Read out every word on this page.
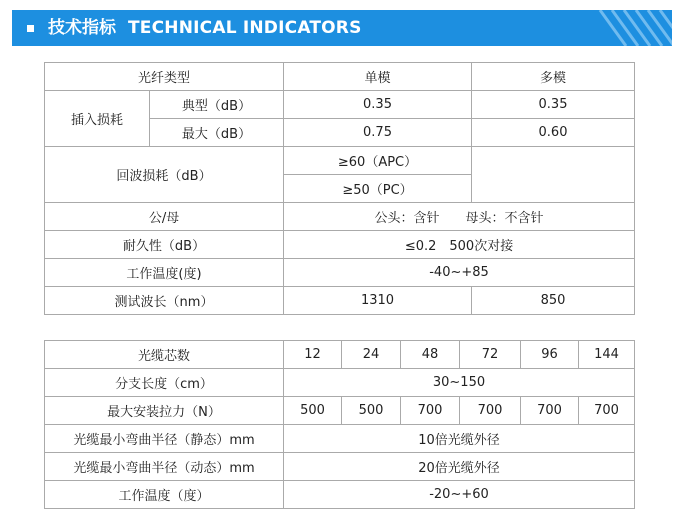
技术指标 TECHNICAL INDICATORS
光纤类型		单模	多模
插入损耗	典型（dB）	0.35	0.35
	最大（dB）	0.75	0.60
回波损耗（dB）		≥60（APC）	
		≥50（PC）	
公/母		公头：含针　　母头：不含针	
耐久性（dB）		≤0.2　500次对接	
工作温度(度)		-40~+85	
测试波长（nm）		1310	850
光缆芯数	12	24	48	72	96	144
分支长度（cm）	30~150					
最大安装拉力（N）	500	500	700	700	700	700
光缆最小弯曲半径（静态）mm	10倍光缆外径					
光缆最小弯曲半径（动态）mm	20倍光缆外径					
工作温度（度）	-20~+60					
